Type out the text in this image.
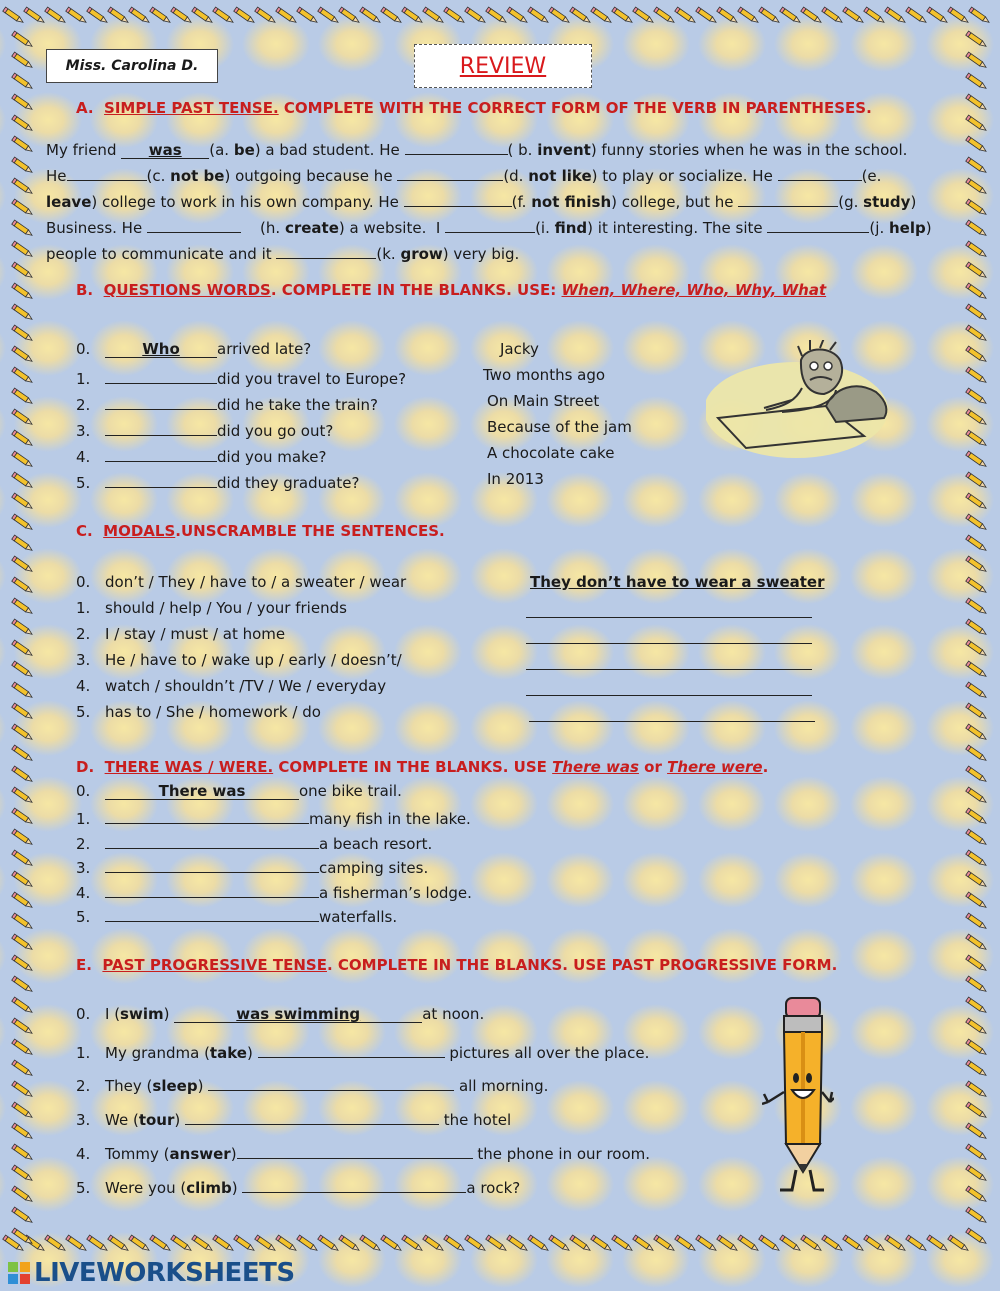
Miss. Carolina D.	REVIEW
A. SIMPLE PAST TENSE. COMPLETE WITH THE CORRECT FORM OF THE VERB IN PARENTHESES.
My friend was (a. be) a bad student. He	( b. invent) funny stories when he was in the school.
He	(c. not be) outgoing because he	(d. not like) to play or socialize. He	(e.
leave) college to work in his own company. He	(f. not finish) college, but he	(g. study)
Business. He	(h. create) a website.  I	(i. find) it interesting. The site	(j. help)
people to communicate and it	(k. grow) very big.
B. QUESTIONS WORDS. COMPLETE IN THE BLANKS. USE: When, Where, Who, Why, What
0.	Who arrived late?	Jacky
1.	did you travel to Europe?	Two months ago
2.	did he take the train?	On Main Street
3.	did you go out?	Because of the jam
4.	did you make?	A chocolate cake
5.	did they graduate?	In 2013
C. MODALS.UNSCRAMBLE THE SENTENCES.
0. don’t / They / have to / a sweater / wear	They don’t have to wear a sweater
1. should / help / You / your friends
2. I / stay / must / at home
3. He / have to / wake up / early / doesn’t/
4. watch / shouldn’t /TV / We / everyday
5. has to / She / homework / do
D. THERE WAS / WERE. COMPLETE IN THE BLANKS. USE There was or There were.
0.	There was	one bike trail.
1.	many fish in the lake.
2.	a beach resort.
3.	camping sites.
4.	a fisherman’s lodge.
5.	waterfalls.
E. PAST PROGRESSIVE TENSE. COMPLETE IN THE BLANKS. USE PAST PROGRESSIVE FORM.
0. I (swim)	was swimming	at noon.
1. My grandma (take)	pictures all over the place.
2. They (sleep)	all morning.
3. We (tour)	the hotel
4. Tommy (answer)	the phone in our room.
5. Were you (climb)	a rock?
LIVEWORKSHEETS
